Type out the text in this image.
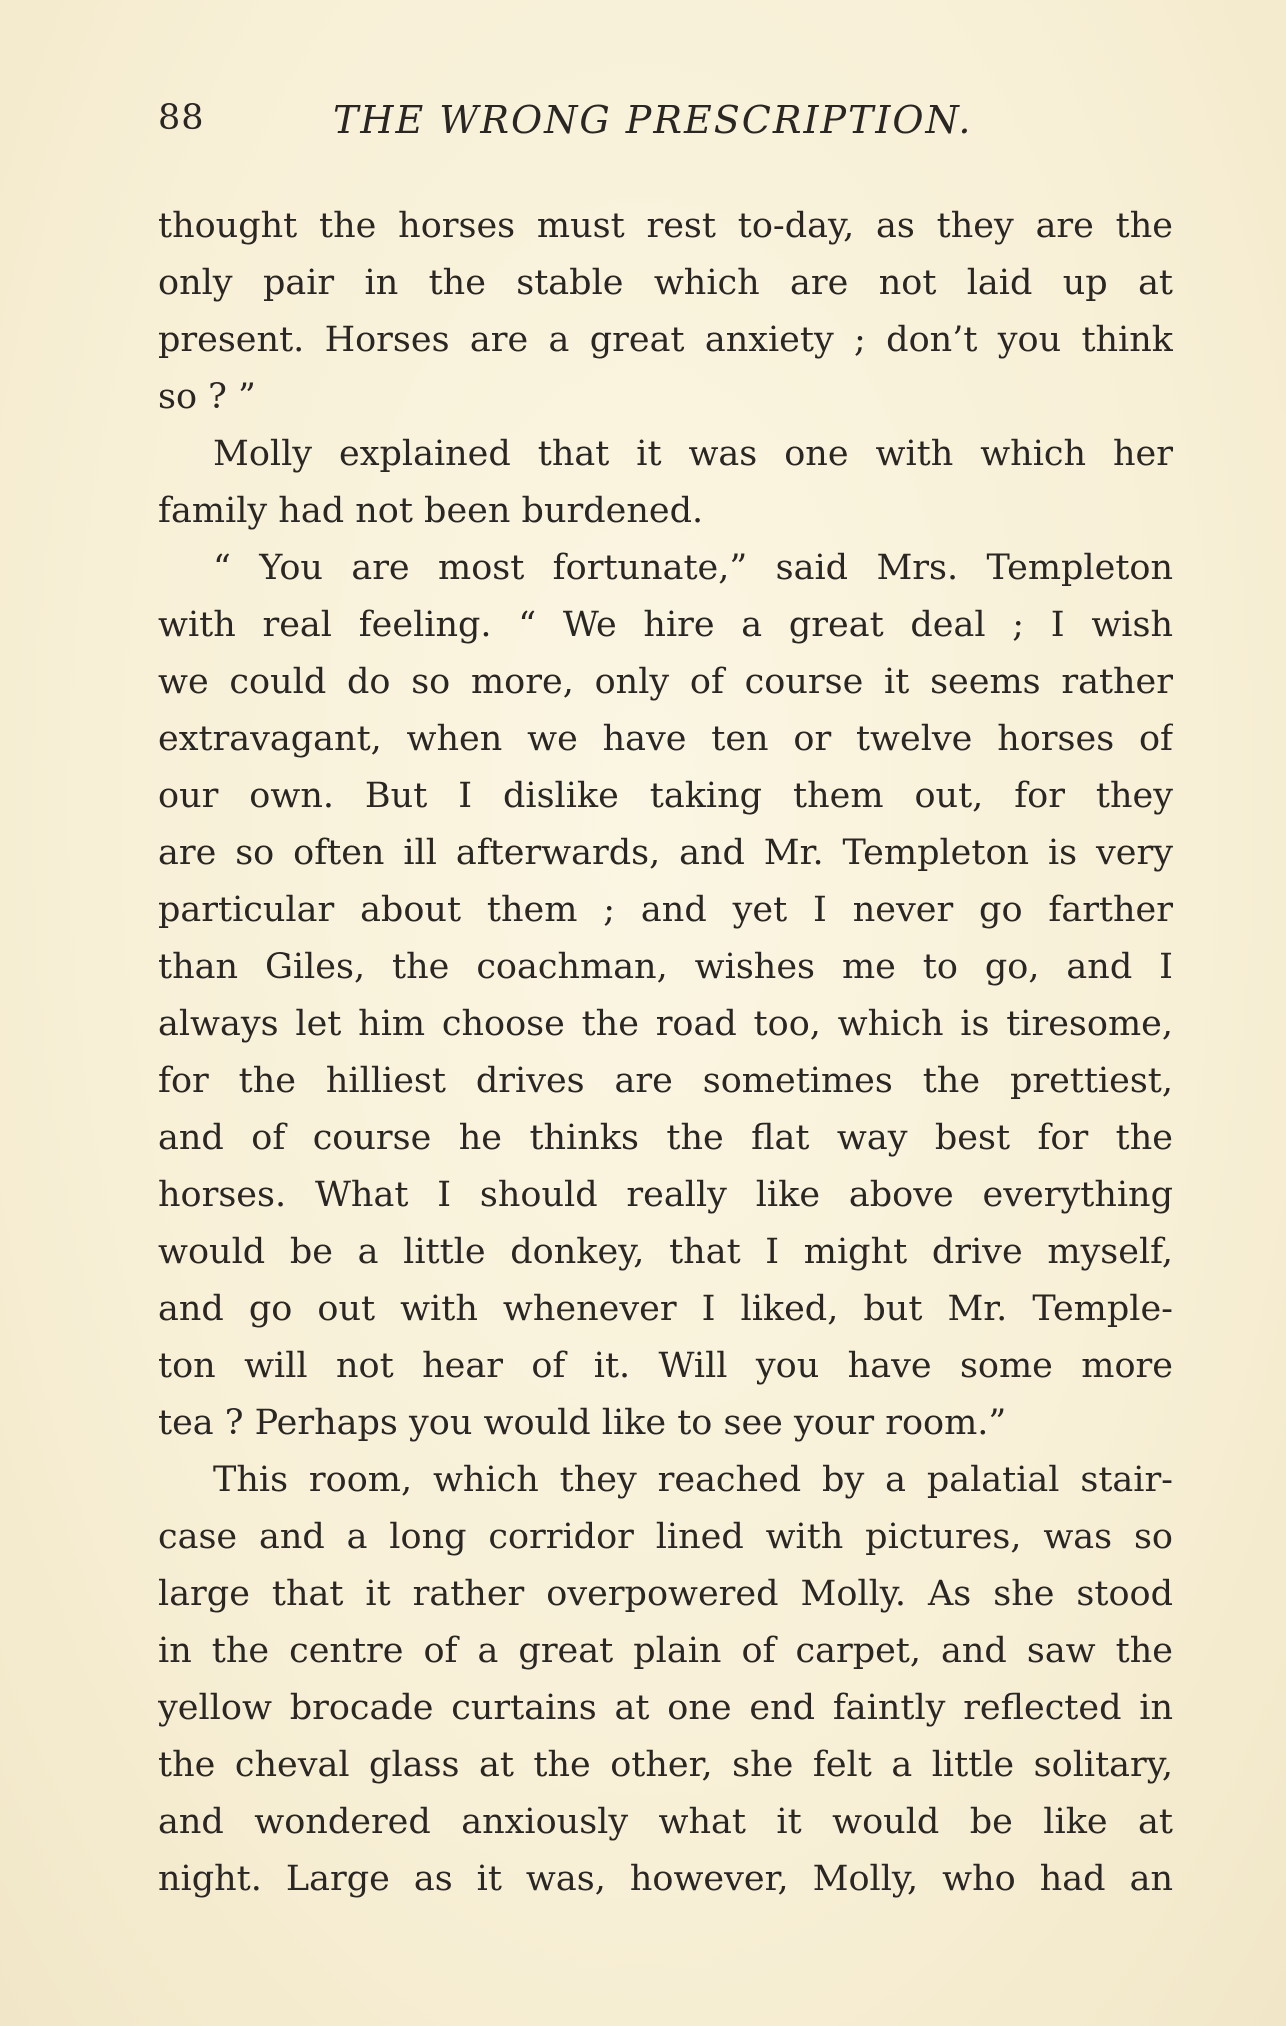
88	THE WRONG PRESCRIPTION.
thought the horses must rest to-day, as they are the
only pair in the stable which are not laid up at
present. Horses are a great anxiety ; don’t you think
so ? ”
Molly explained that it was one with which her
family had not been burdened.
“ You are most fortunate,” said Mrs. Templeton
with real feeling. “ We hire a great deal ; I wish
we could do so more, only of course it seems rather
extravagant, when we have ten or twelve horses of
our own. But I dislike taking them out, for they
are so often ill afterwards, and Mr. Templeton is very
particular about them ; and yet I never go farther
than Giles, the coachman, wishes me to go, and I
always let him choose the road too, which is tiresome,
for the hilliest drives are sometimes the prettiest,
and of course he thinks the flat way best for the
horses. What I should really like above everything
would be a little donkey, that I might drive myself,
and go out with whenever I liked, but Mr. Temple-
ton will not hear of it. Will you have some more
tea ? Perhaps you would like to see your room.”
This room, which they reached by a palatial stair-
case and a long corridor lined with pictures, was so
large that it rather overpowered Molly. As she stood
in the centre of a great plain of carpet, and saw the
yellow brocade curtains at one end faintly reflected in
the cheval glass at the other, she felt a little solitary,
and wondered anxiously what it would be like at
night. Large as it was, however, Molly, who had an
